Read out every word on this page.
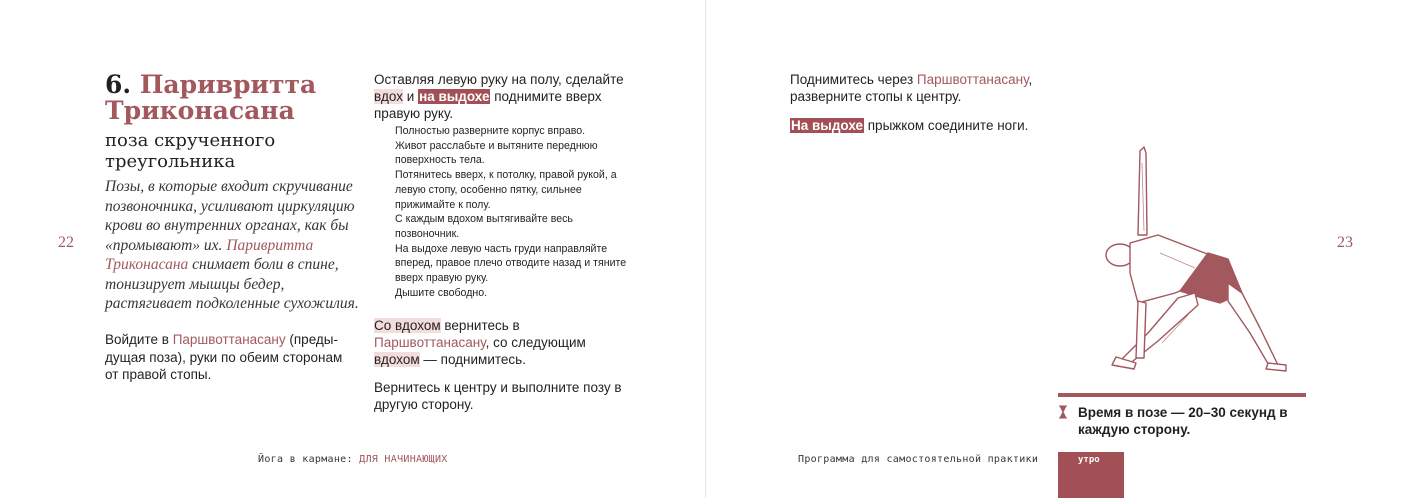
22
6. Паривритта Триконасана
поза скрученного треугольника
Позы, в которые входит скручивание позвоночника, усиливают циркуляцию крови во внутренних органах, как бы «промывают» их. Паривритта Триконасана снимает боли в спине, тонизирует мышцы бедер, растягивает подколенные сухожилия.
Войдите в Паршвоттанасану (предыдущая поза), руки по обеим сторонам от правой стопы.

Оставляя левую руку на полу, сделайте вдох и на выдохе поднимите вверх правую руку.

Полностью разверните корпус вправо.
Живот расслабьте и вытяните переднюю поверхность тела.
Потянитесь вверх, к потолку, правой рукой, а левую стопу, особенно пятку, сильнее прижимайте к полу.
С каждым вдохом вытягивайте весь позвоночник.
На выдохе левую часть груди направляйте вперед, правое плечо отводите назад и тяните вверх правую руку.
Дышите свободно.

Со вдохом вернитесь в Паршвоттанасану, со следующим вдохом — поднимитесь.

Вернитесь к центру и выполните позу в другую сторону.

Йога в кармане: ДЛЯ НАЧИНАЮЩИХ
23

Поднимитесь через Паршвоттанасану, разверните стопы к центру.

На выдохе прыжком соедините ноги.

Время в позе — 20–30 секунд в каждую сторону.
Программа для самостоятельной практики	утро
